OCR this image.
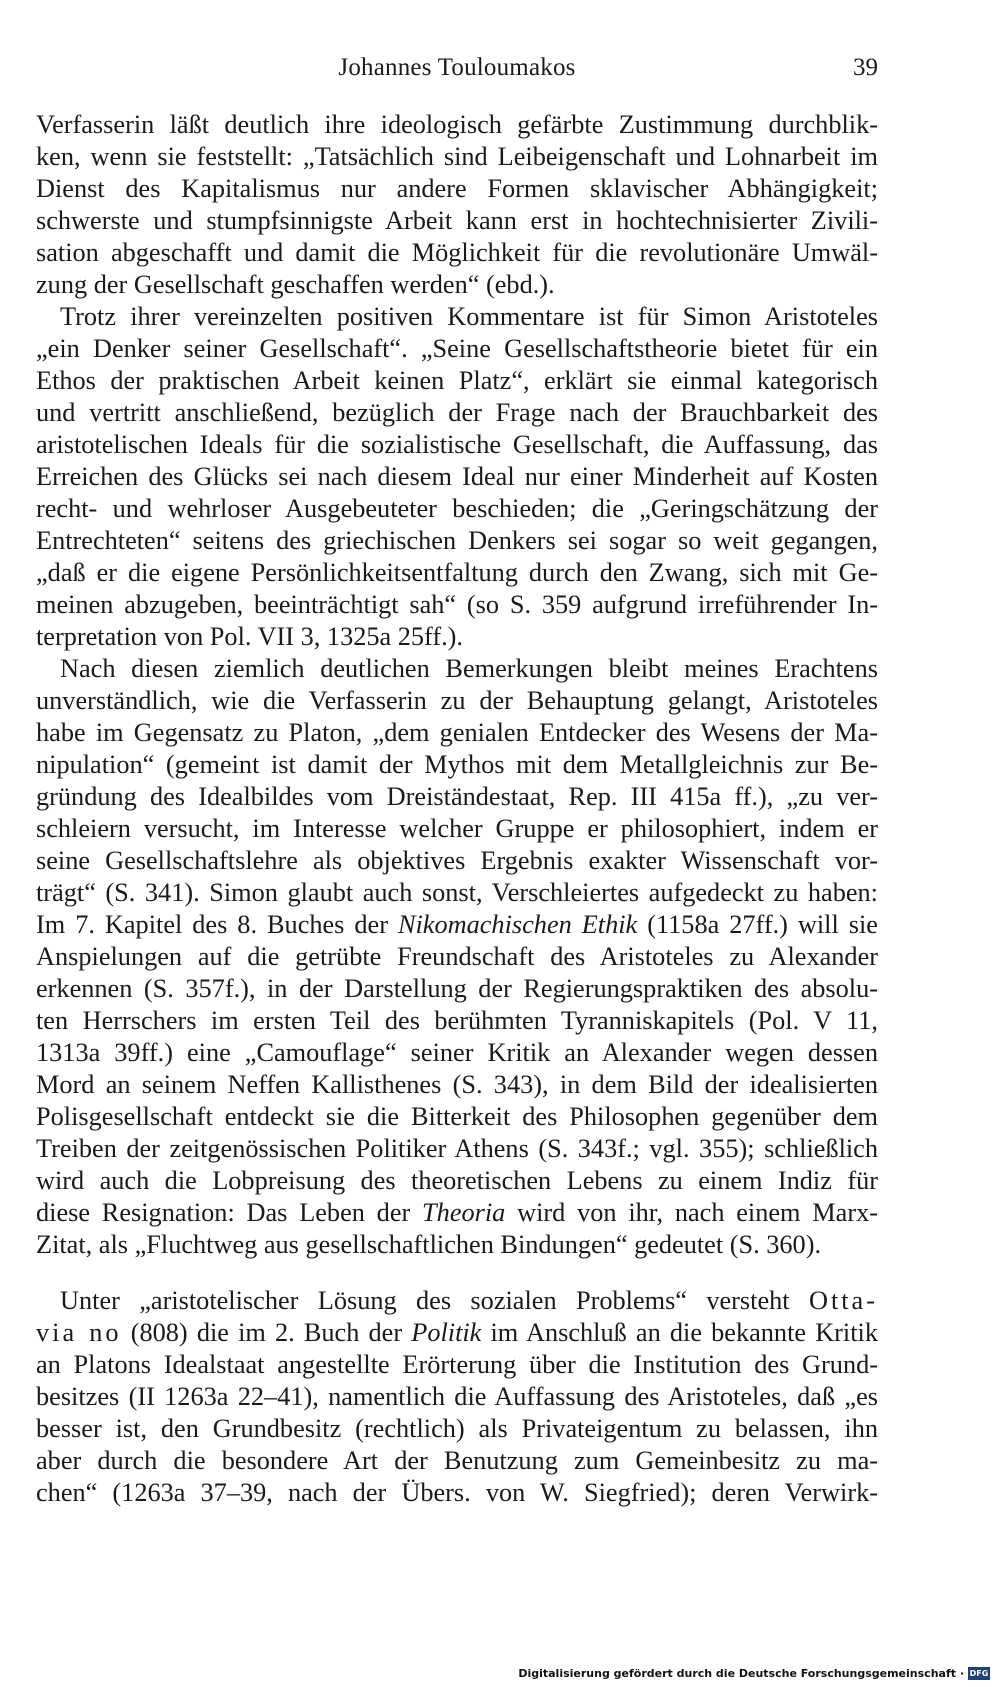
Johannes Touloumakos	39
Verfasserin läßt deutlich ihre ideologisch gefärbte Zustimmung durchblik-
ken, wenn sie feststellt: „Tatsächlich sind Leibeigenschaft und Lohnarbeit im
Dienst des Kapitalismus nur andere Formen sklavischer Abhängigkeit;
schwerste und stumpfsinnigste Arbeit kann erst in hochtechnisierter Zivili-
sation abgeschafft und damit die Möglichkeit für die revolutionäre Umwäl-
zung der Gesellschaft geschaffen werden“ (ebd.).
Trotz ihrer vereinzelten positiven Kommentare ist für Simon Aristoteles
„ein Denker seiner Gesellschaft“. „Seine Gesellschaftstheorie bietet für ein
Ethos der praktischen Arbeit keinen Platz“, erklärt sie einmal kategorisch
und vertritt anschließend, bezüglich der Frage nach der Brauchbarkeit des
aristotelischen Ideals für die sozialistische Gesellschaft, die Auffassung, das
Erreichen des Glücks sei nach diesem Ideal nur einer Minderheit auf Kosten
recht- und wehrloser Ausgebeuteter beschieden; die „Geringschätzung der
Entrechteten“ seitens des griechischen Denkers sei sogar so weit gegangen,
„daß er die eigene Persönlichkeitsentfaltung durch den Zwang, sich mit Ge-
meinen abzugeben, beeinträchtigt sah“ (so S. 359 aufgrund irreführender In-
terpretation von Pol. VII 3, 1325a 25ff.).
Nach diesen ziemlich deutlichen Bemerkungen bleibt meines Erachtens
unverständlich, wie die Verfasserin zu der Behauptung gelangt, Aristoteles
habe im Gegensatz zu Platon, „dem genialen Entdecker des Wesens der Ma-
nipulation“ (gemeint ist damit der Mythos mit dem Metallgleichnis zur Be-
gründung des Idealbildes vom Dreiständestaat, Rep. III 415a ff.), „zu ver-
schleiern versucht, im Interesse welcher Gruppe er philosophiert, indem er
seine Gesellschaftslehre als objektives Ergebnis exakter Wissenschaft vor-
trägt“ (S. 341). Simon glaubt auch sonst, Verschleiertes aufgedeckt zu haben:
Im 7. Kapitel des 8. Buches der Nikomachischen Ethik (1158a 27ff.) will sie
Anspielungen auf die getrübte Freundschaft des Aristoteles zu Alexander
erkennen (S. 357f.), in der Darstellung der Regierungspraktiken des absolu-
ten Herrschers im ersten Teil des berühmten Tyranniskapitels (Pol. V 11,
1313a 39ff.) eine „Camouflage“ seiner Kritik an Alexander wegen dessen
Mord an seinem Neffen Kallisthenes (S. 343), in dem Bild der idealisierten
Polisgesellschaft entdeckt sie die Bitterkeit des Philosophen gegenüber dem
Treiben der zeitgenössischen Politiker Athens (S. 343f.; vgl. 355); schließlich
wird auch die Lobpreisung des theoretischen Lebens zu einem Indiz für
diese Resignation: Das Leben der Theoria wird von ihr, nach einem Marx-
Zitat, als „Fluchtweg aus gesellschaftlichen Bindungen“ gedeutet (S. 360).
Unter „aristotelischer Lösung des sozialen Problems“ versteht Otta-
via no (808) die im 2. Buch der Politik im Anschluß an die bekannte Kritik
an Platons Idealstaat angestellte Erörterung über die Institution des Grund-
besitzes (II 1263a 22–41), namentlich die Auffassung des Aristoteles, daß „es
besser ist, den Grundbesitz (rechtlich) als Privateigentum zu belassen, ihn
aber durch die besondere Art der Benutzung zum Gemeinbesitz zu ma-
chen“ (1263a 37–39, nach der Übers. von W. Siegfried); deren Verwirk-
Digitalisierung gefördert durch die Deutsche Forschungsgemeinschaft · DFG
